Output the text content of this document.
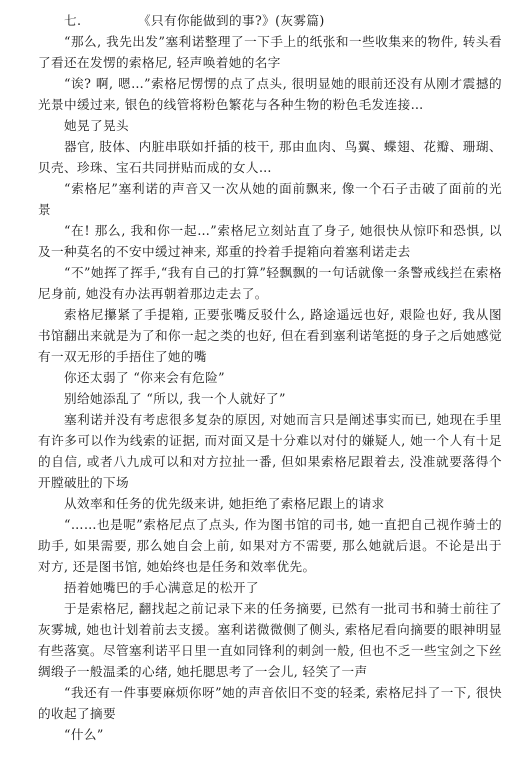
七.	《只有你能做到的事?》(灰雾篇)

“那么, 我先出发”塞利诺整理了一下手上的纸张和一些收集来的物件, 转头看了看还在发愣的索格尼, 轻声唤着她的名字

“诶? 啊, 嗯…”索格尼愣愣的点了点头, 很明显她的眼前还没有从刚才震撼的光景中缓过来, 银色的线管将粉色繁花与各种生物的粉色毛发连接…

她晃了晃头

器官, 肢体、内脏串联如扦插的枝干, 那由血肉、鸟翼、蝶翅、花瓣、珊瑚、贝壳、珍珠、宝石共同拼贴而成的女人…

“索格尼”塞利诺的声音又一次从她的面前飘来, 像一个石子击破了面前的光景

“在! 那么, 我和你一起…”索格尼立刻站直了身子, 她很快从惊吓和恐惧, 以及一种莫名的不安中缓过神来, 郑重的拎着手提箱向着塞利诺走去

“不”她挥了挥手,“我有自己的打算”轻飘飘的一句话就像一条警戒线拦在索格尼身前, 她没有办法再朝着那边走去了。

索格尼攥紧了手提箱, 正要张嘴反驳什么, 路途遥远也好, 艰险也好, 我从图书馆翻出来就是为了和你一起之类的也好, 但在看到塞利诺笔挺的身子之后她感觉有一双无形的手捂住了她的嘴

你还太弱了 “你来会有危险”

别给她添乱了 “所以, 我一个人就好了”

塞利诺并没有考虑很多复杂的原因, 对她而言只是阐述事实而已, 她现在手里有许多可以作为线索的证据, 而对面又是十分难以对付的嫌疑人, 她一个人有十足的自信, 或者八九成可以和对方拉扯一番, 但如果索格尼跟着去, 没准就要落得个开膛破肚的下场

从效率和任务的优先级来讲, 她拒绝了索格尼跟上的请求

“……也是呢”索格尼点了点头, 作为图书馆的司书, 她一直把自己视作骑士的助手, 如果需要, 那么她自会上前, 如果对方不需要, 那么她就后退。不论是出于对方, 还是图书馆, 她始终也是任务和效率优先。

捂着她嘴巴的手心满意足的松开了

于是索格尼, 翻找起之前记录下来的任务摘要, 已然有一批司书和骑士前往了灰雾城, 她也计划着前去支援。塞利诺微微侧了侧头, 索格尼看向摘要的眼神明显有些落寞。尽管塞利诺平日里一直如同锋利的刺剑一般, 但也不乏一些宝剑之下丝绸缎子一般温柔的心绪, 她托腮思考了一会儿, 轻笑了一声

“我还有一件事要麻烦你呀”她的声音依旧不变的轻柔, 索格尼抖了一下, 很快的收起了摘要

“什么”
